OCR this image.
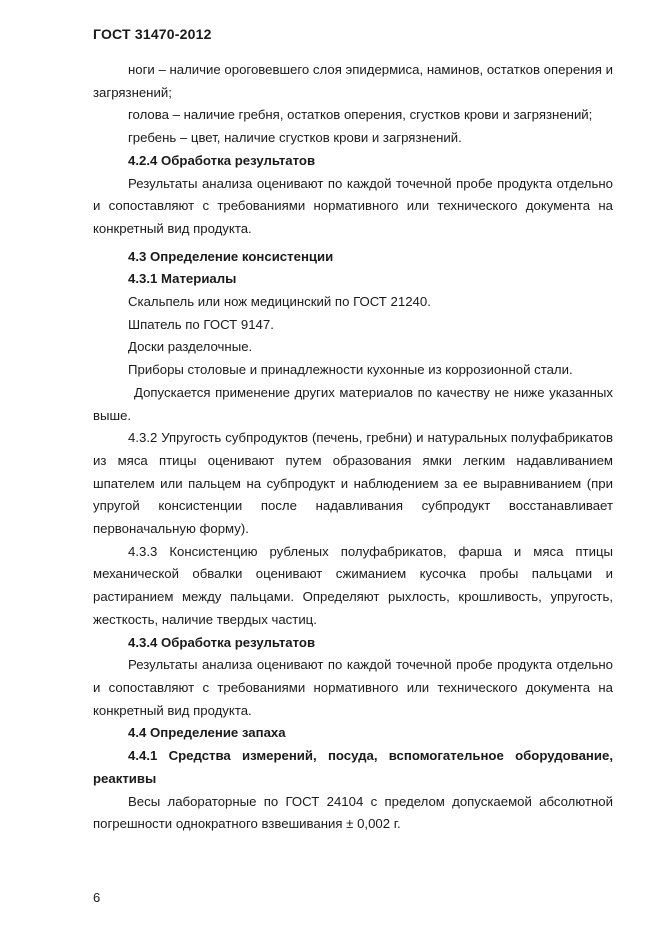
ГОСТ 31470-2012

ноги – наличие ороговевшего слоя эпидермиса, наминов, остатков оперения и загрязнений;

голова – наличие гребня, остатков оперения, сгустков крови и загрязнений;

гребень – цвет, наличие сгустков крови и загрязнений.

4.2.4 Обработка результатов

Результаты анализа оценивают по каждой точечной пробе продукта отдельно и сопоставляют с требованиями нормативного или технического документа на конкретный вид продукта.

4.3 Определение консистенции

4.3.1 Материалы

Скальпель или нож медицинский по ГОСТ 21240.

Шпатель по ГОСТ 9147.

Доски разделочные.

Приборы столовые и принадлежности кухонные из коррозионной стали.

Допускается применение других материалов по качеству не ниже указанных выше.

4.3.2 Упругость субпродуктов (печень, гребни) и натуральных полуфабрикатов из мяса птицы оценивают путем образования ямки легким надавливанием шпателем или пальцем на субпродукт и наблюдением за ее выравниванием (при упругой консистенции после надавливания субпродукт восстанавливает первоначальную форму).

4.3.3 Консистенцию рубленых полуфабрикатов, фарша и мяса птицы механической обвалки оценивают сжиманием кусочка пробы пальцами и растиранием между пальцами. Определяют рыхлость, крошливость, упругость, жесткость, наличие твердых частиц.

4.3.4 Обработка результатов

Результаты анализа оценивают по каждой точечной пробе продукта отдельно и сопоставляют с требованиями нормативного или технического документа на конкретный вид продукта.

4.4 Определение запаха

4.4.1 Средства измерений, посуда, вспомогательное оборудование, реактивы

Весы лабораторные по ГОСТ 24104 с пределом допускаемой абсолютной погрешности однократного взвешивания ± 0,002 г.

6
